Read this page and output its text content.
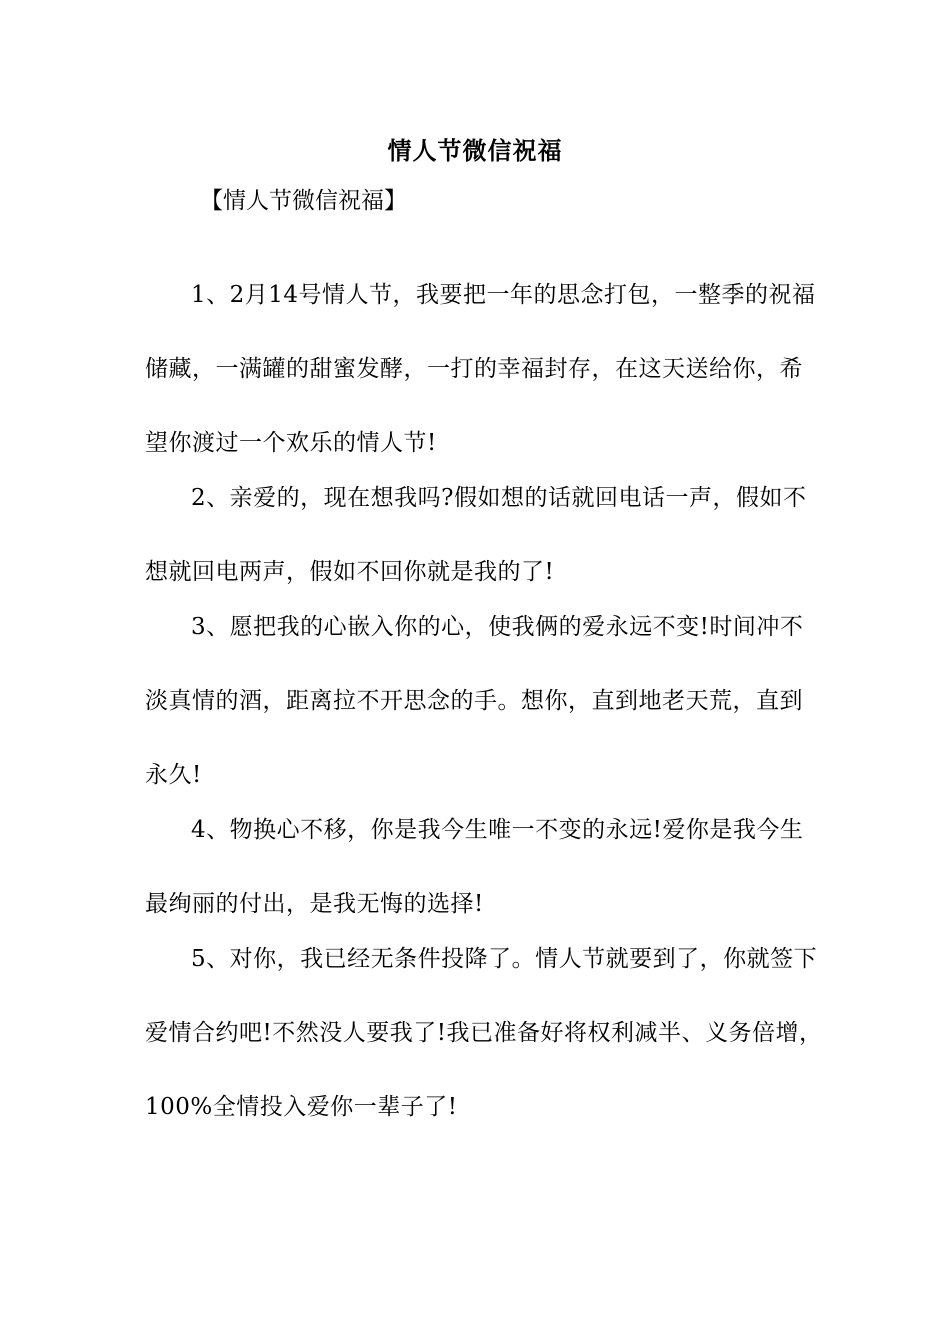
情人节微信祝福
【情人节微信祝福】

1、2月14号情人节，我要把一年的思念打包，一整季的祝福储藏，一满罐的甜蜜发酵，一打的幸福封存，在这天送给你，希望你渡过一个欢乐的情人节!

2、亲爱的，现在想我吗?假如想的话就回电话一声，假如不想就回电两声，假如不回你就是我的了!

3、愿把我的心嵌入你的心，使我俩的爱永远不变!时间冲不淡真情的酒，距离拉不开思念的手。想你，直到地老天荒，直到永久!

4、物换心不移，你是我今生唯一不变的永远!爱你是我今生最绚丽的付出，是我无悔的选择!

5、对你，我已经无条件投降了。情人节就要到了，你就签下爱情合约吧!不然没人要我了!我已准备好将权利减半、义务倍增，100%全情投入爱你一辈子了!
